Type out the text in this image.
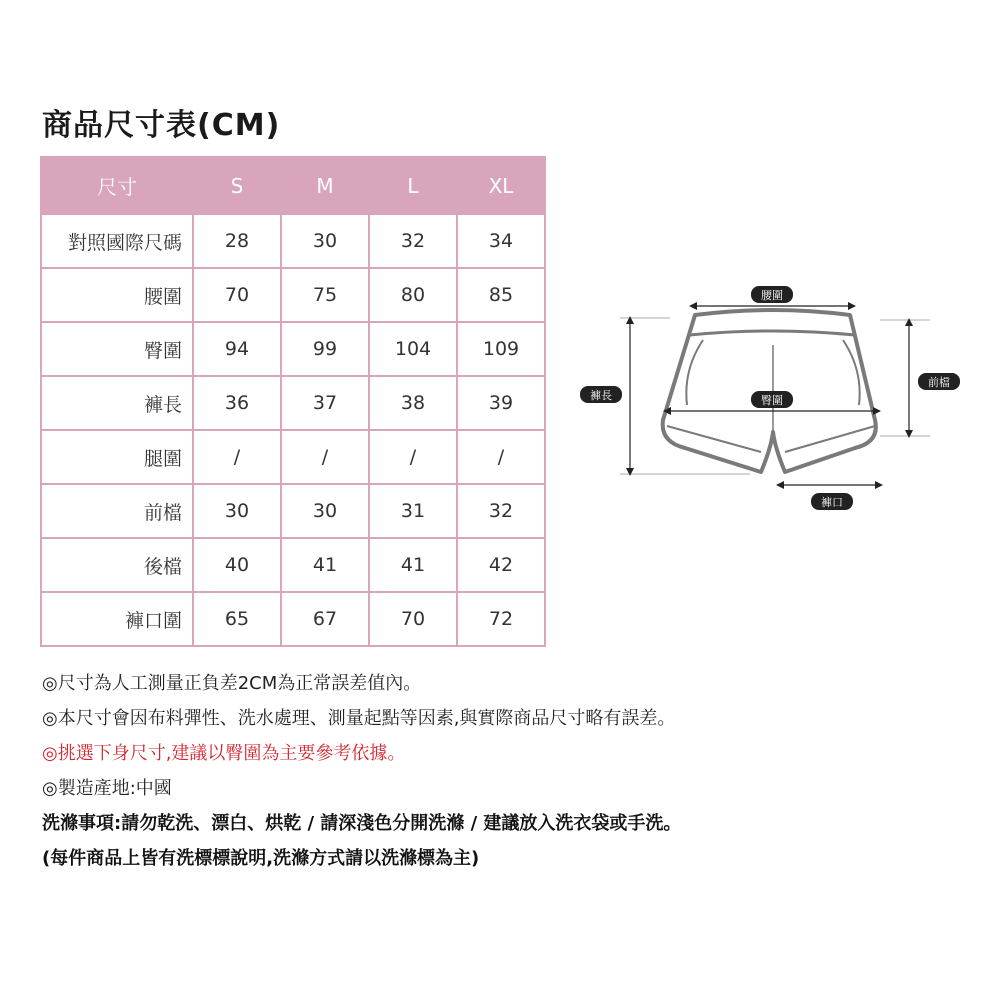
商品尺寸表(CM)
尺寸	S	M	L	XL
對照國際尺碼	28	30	32	34
腰圍	70	75	80	85
臀圍	94	99	104	109
褲長	36	37	38	39
腿圍	/	/	/	/
前檔	30	30	31	32
後檔	40	41	41	42
褲口圍	65	67	70	72
腰圍
臀圍
褲長
前檔
褲口
◎尺寸為人工測量正負差2CM為正常誤差值內。
◎本尺寸會因布料彈性、洗水處理、測量起點等因素,與實際商品尺寸略有誤差。
◎挑選下身尺寸,建議以臀圍為主要參考依據。
◎製造產地:中國
洗滌事項:請勿乾洗、漂白、烘乾 / 請深淺色分開洗滌 / 建議放入洗衣袋或手洗。
(每件商品上皆有洗標標說明,洗滌方式請以洗滌標為主)
